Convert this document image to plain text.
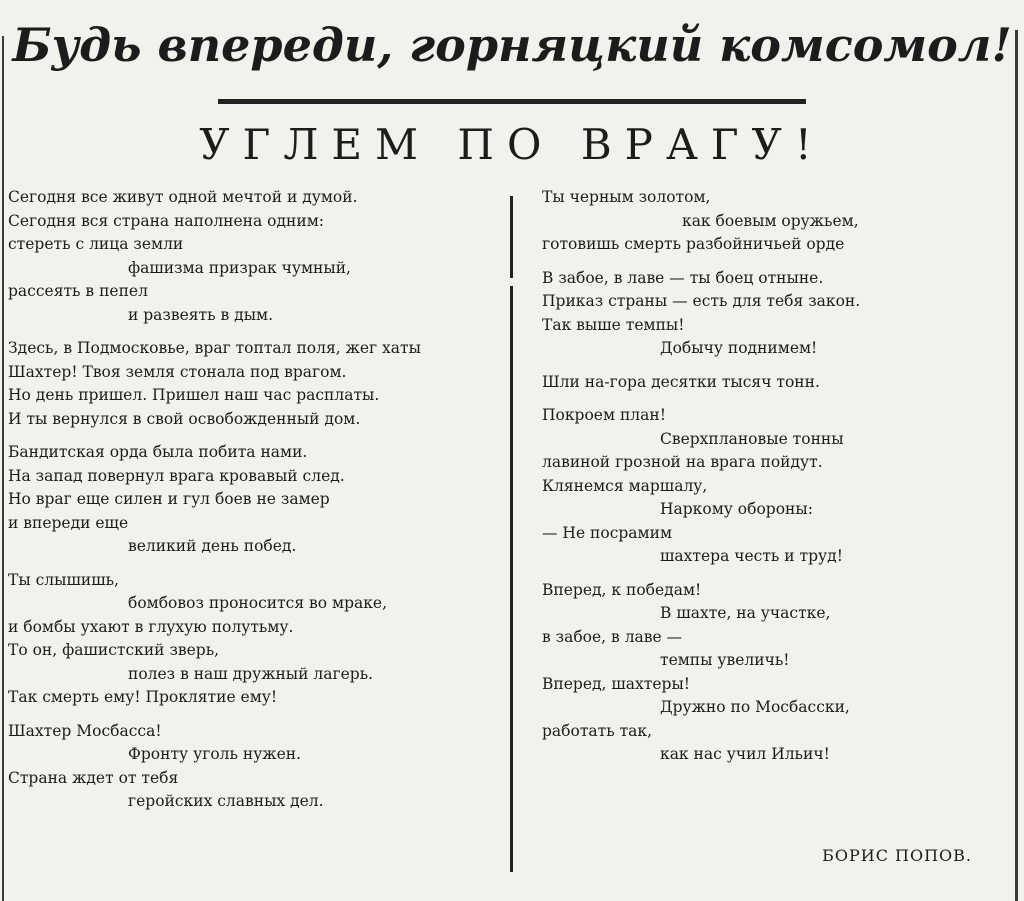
Будь впереди, горняцкий комсомол!
УГЛЕМ ПО ВРАГУ!
Сегодня все живут одной мечтой и думой.
Сегодня вся страна наполнена одним:
стереть с лица земли
фашизма призрак чумный,
рассеять в пепел
и развеять в дым.
Здесь, в Подмосковье, враг топтал поля, жег хаты
Шахтер! Твоя земля стонала под врагом.
Но день пришел. Пришел наш час расплаты.
И ты вернулся в свой освобожденный дом.
Бандитская орда была побита нами.
На запад повернул врага кровавый след.
Но враг еще силен и гул боев не замер
и впереди еще
великий день побед.
Ты слышишь,
бомбовоз проносится во мраке,
и бомбы ухают в глухую полутьму.
То он, фашистский зверь,
полез в наш дружный лагерь.
Так смерть ему! Проклятие ему!
Шахтер Мосбасса!
Фронту уголь нужен.
Страна ждет от тебя
геройских славных дел.
Ты черным золотом,
как боевым оружьем,
готовишь смерть разбойничьей орде
В забое, в лаве — ты боец отныне.
Приказ страны — есть для тебя закон.
Так выше темпы!
Добычу поднимем!
Шли на-гора десятки тысяч тонн.
Покроем план!
Сверхплановые тонны
лавиной грозной на врага пойдут.
Клянемся маршалу,
Наркому обороны:
— Не посрамим
шахтера честь и труд!
Вперед, к победам!
В шахте, на участке,
в забое, в лаве —
темпы увеличь!
Вперед, шахтеры!
Дружно по Мосбасски,
работать так,
как нас учил Ильич!
БОРИС ПОПОВ.
